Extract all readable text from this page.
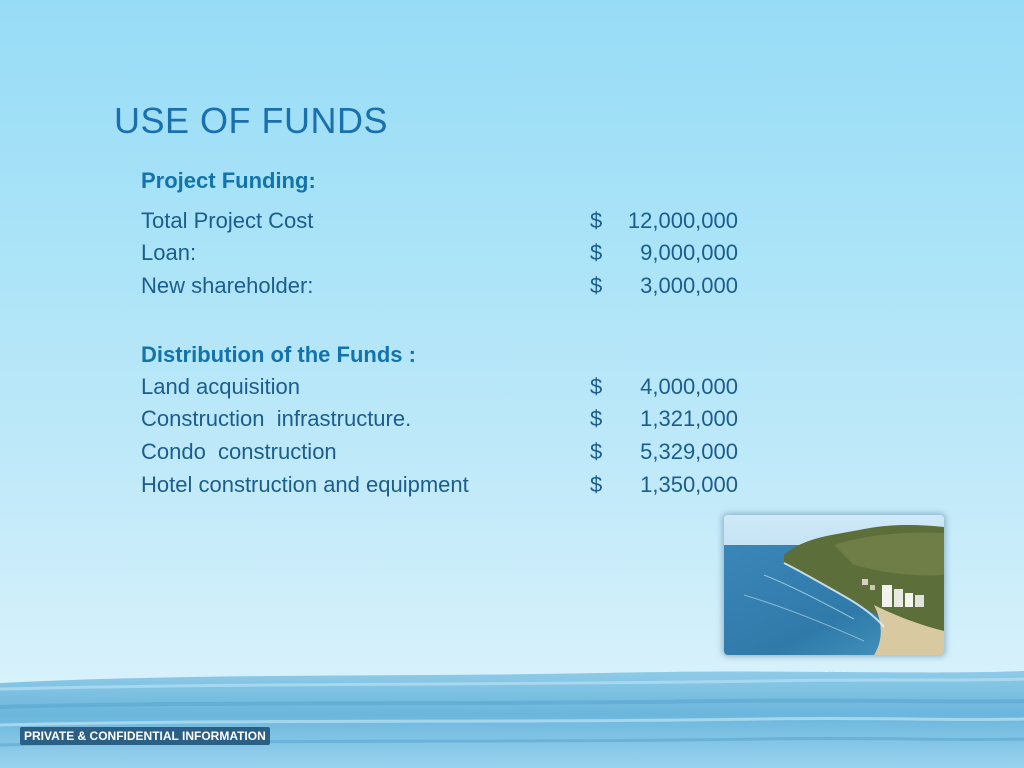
USE OF FUNDS
Project Funding:
Total Project Cost	$ 12,000,000
Loan:	$ 9,000,000
New shareholder:	$ 3,000,000
Distribution of the Funds :
Land acquisition	$ 4,000,000
Construction  infrastructure.	$ 1,321,000
Condo  construction	$ 5,329,000
Hotel construction and equipment	$ 1,350,000
PRIVATE & CONFIDENTIAL INFORMATION
